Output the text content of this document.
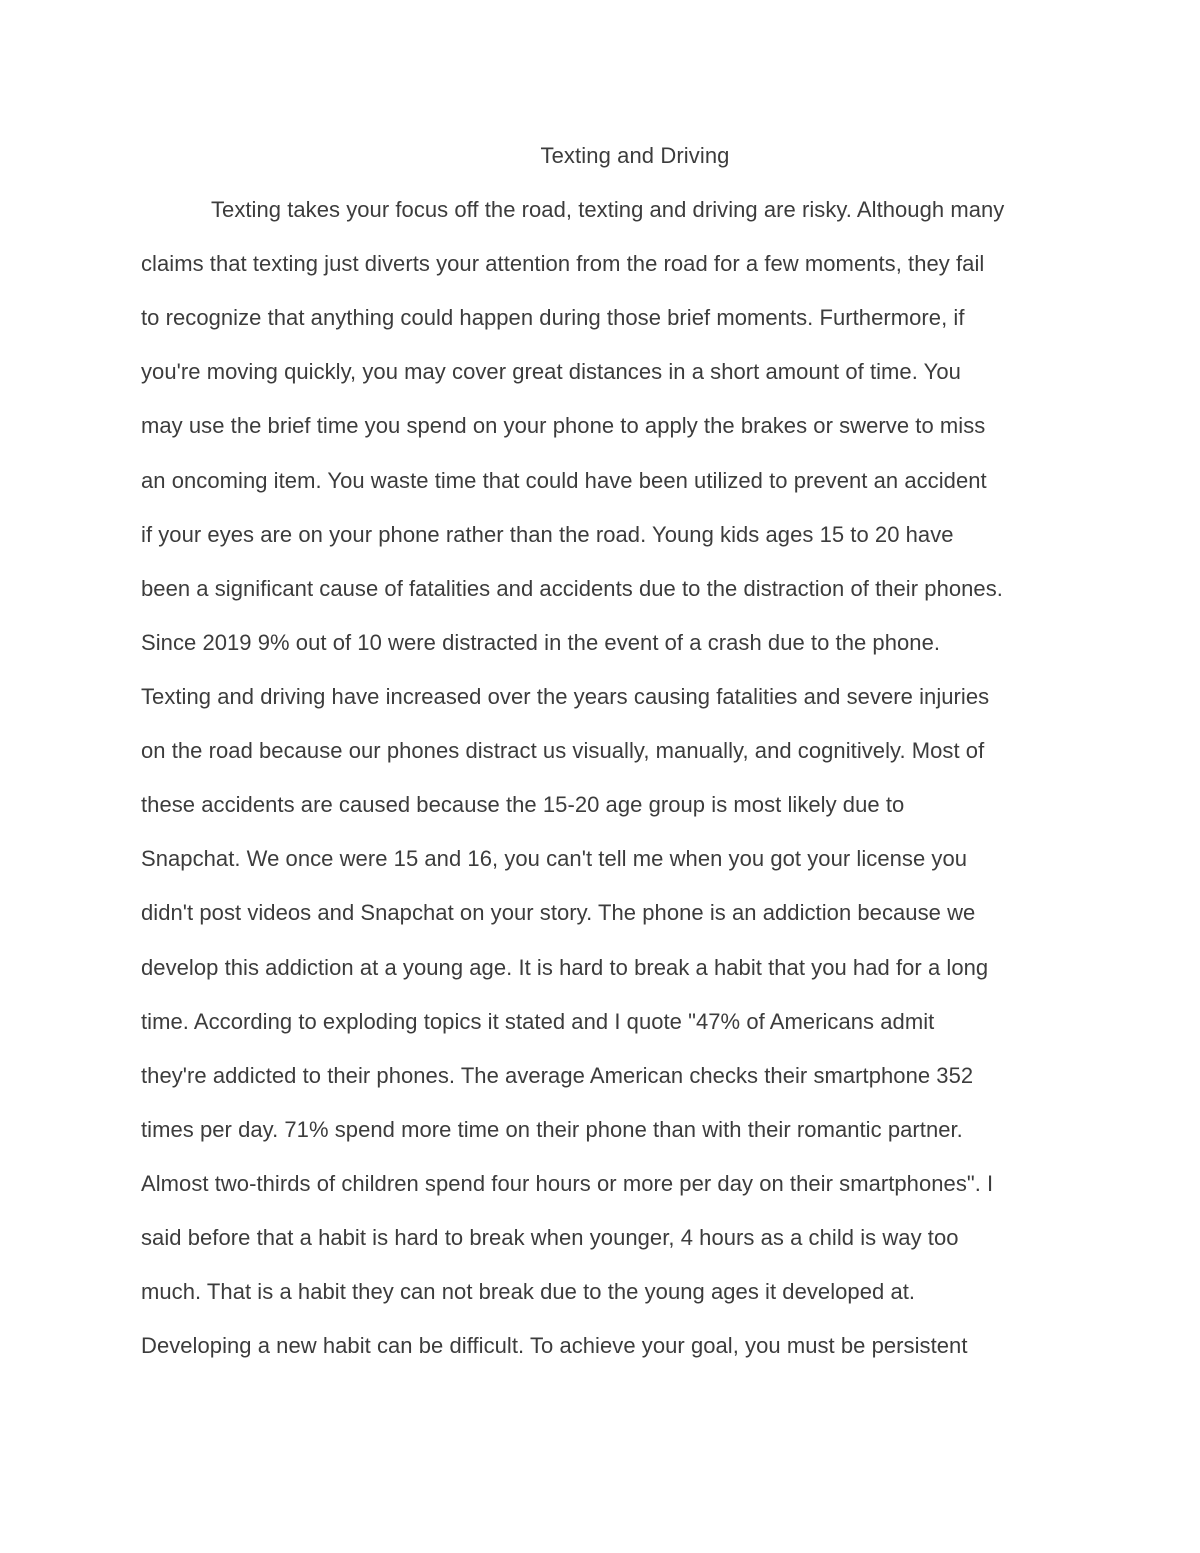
Texting and Driving
Texting takes your focus off the road, texting and driving are risky. Although many
claims that texting just diverts your attention from the road for a few moments, they fail
to recognize that anything could happen during those brief moments. Furthermore, if
you're moving quickly, you may cover great distances in a short amount of time. You
may use the brief time you spend on your phone to apply the brakes or swerve to miss
an oncoming item. You waste time that could have been utilized to prevent an accident
if your eyes are on your phone rather than the road. Young kids ages 15 to 20 have
been a significant cause of fatalities and accidents due to the distraction of their phones.
Since 2019 9% out of 10 were distracted in the event of a crash due to the phone.
Texting and driving have increased over the years causing fatalities and severe injuries
on the road because our phones distract us visually, manually, and cognitively. Most of
these accidents are caused because the 15-20 age group is most likely due to
Snapchat. We once were 15 and 16, you can't tell me when you got your license you
didn't post videos and Snapchat on your story. The phone is an addiction because we
develop this addiction at a young age. It is hard to break a habit that you had for a long
time. According to exploding topics it stated and I quote "47% of Americans admit
they're addicted to their phones. The average American checks their smartphone 352
times per day. 71% spend more time on their phone than with their romantic partner.
Almost two-thirds of children spend four hours or more per day on their smartphones". I
said before that a habit is hard to break when younger, 4 hours as a child is way too
much. That is a habit they can not break due to the young ages it developed at.
Developing a new habit can be difficult. To achieve your goal, you must be persistent
